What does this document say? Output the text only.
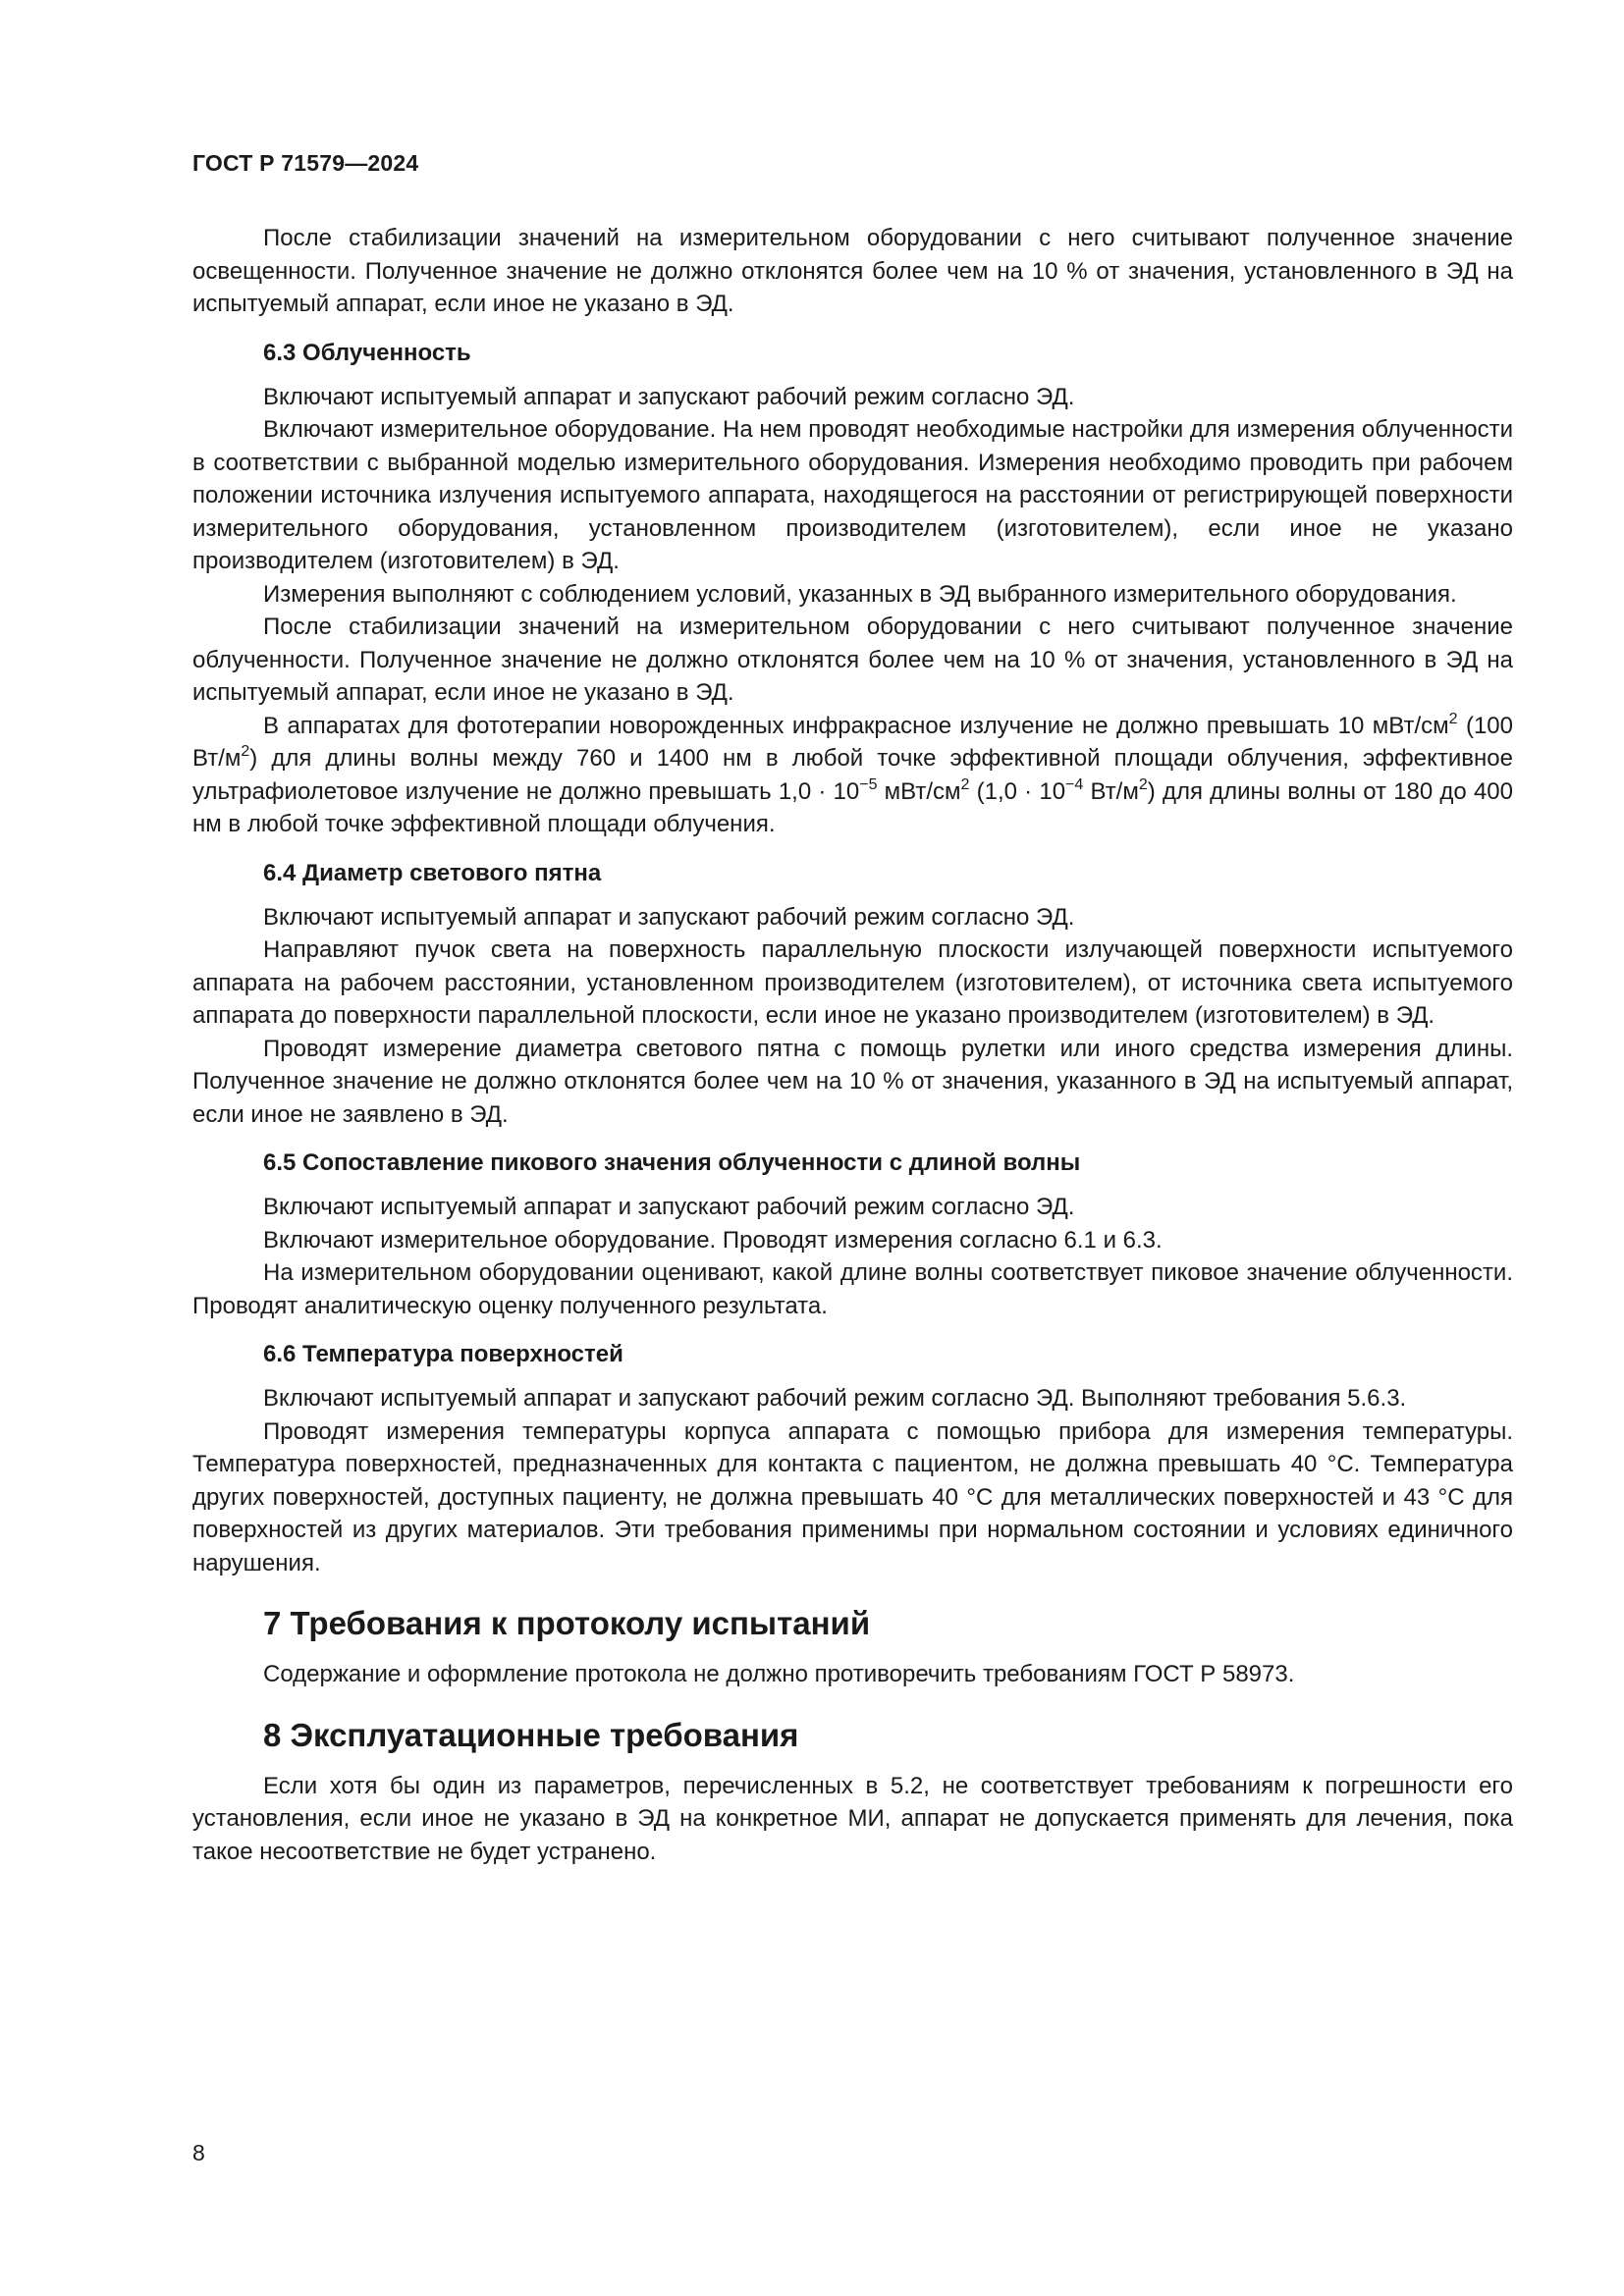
ГОСТ Р 71579—2024

После стабилизации значений на измерительном оборудовании с него считывают полученное значение освещенности. Полученное значение не должно отклонятся более чем на 10 % от значения, установленного в ЭД на испытуемый аппарат, если иное не указано в ЭД.

6.3 Облученность

Включают испытуемый аппарат и запускают рабочий режим согласно ЭД.

Включают измерительное оборудование. На нем проводят необходимые настройки для измерения облученности в соответствии с выбранной моделью измерительного оборудования. Измерения необходимо проводить при рабочем положении источника излучения испытуемого аппарата, находящегося на расстоянии от регистрирующей поверхности измерительного оборудования, установленном производителем (изготовителем), если иное не указано производителем (изготовителем) в ЭД.

Измерения выполняют с соблюдением условий, указанных в ЭД выбранного измерительного оборудования.

После стабилизации значений на измерительном оборудовании с него считывают полученное значение облученности. Полученное значение не должно отклонятся более чем на 10 % от значения, установленного в ЭД на испытуемый аппарат, если иное не указано в ЭД.

В аппаратах для фототерапии новорожденных инфракрасное излучение не должно превышать 10 мВт/$см^2$ (100 $Вт/м^2$) для длины волны между 760 и 1400 нм в любой точке эффективной площади облучения, эффективное ультрафиолетовое излучение не должно превышать $1,0 \cdot 10^{-5}$ мВт/$см^2$ ($1,0 \cdot 10^{-4}$ $Вт/м^2$) для длины волны от 180 до 400 нм в любой точке эффективной площади облучения.

6.4 Диаметр светового пятна

Включают испытуемый аппарат и запускают рабочий режим согласно ЭД.

Направляют пучок света на поверхность параллельную плоскости излучающей поверхности испытуемого аппарата на рабочем расстоянии, установленном производителем (изготовителем), от источника света испытуемого аппарата до поверхности параллельной плоскости, если иное не указано производителем (изготовителем) в ЭД.

Проводят измерение диаметра светового пятна с помощь рулетки или иного средства измерения длины. Полученное значение не должно отклонятся более чем на 10 % от значения, указанного в ЭД на испытуемый аппарат, если иное не заявлено в ЭД.

6.5 Сопоставление пикового значения облученности с длиной волны

Включают испытуемый аппарат и запускают рабочий режим согласно ЭД.

Включают измерительное оборудование. Проводят измерения согласно 6.1 и 6.3.

На измерительном оборудовании оценивают, какой длине волны соответствует пиковое значение облученности. Проводят аналитическую оценку полученного результата.

6.6 Температура поверхностей

Включают испытуемый аппарат и запускают рабочий режим согласно ЭД. Выполняют требования 5.6.3.

Проводят измерения температуры корпуса аппарата с помощью прибора для измерения температуры. Температура поверхностей, предназначенных для контакта с пациентом, не должна превышать 40 °C. Температура других поверхностей, доступных пациенту, не должна превышать 40 °C для металлических поверхностей и 43 °C для поверхностей из других материалов. Эти требования применимы при нормальном состоянии и условиях единичного нарушения.

7 Требования к протоколу испытаний

Содержание и оформление протокола не должно противоречить требованиям ГОСТ Р 58973.

8 Эксплуатационные требования

Если хотя бы один из параметров, перечисленных в 5.2, не соответствует требованиям к погрешности его установления, если иное не указано в ЭД на конкретное МИ, аппарат не допускается применять для лечения, пока такое несоответствие не будет устранено.

8
